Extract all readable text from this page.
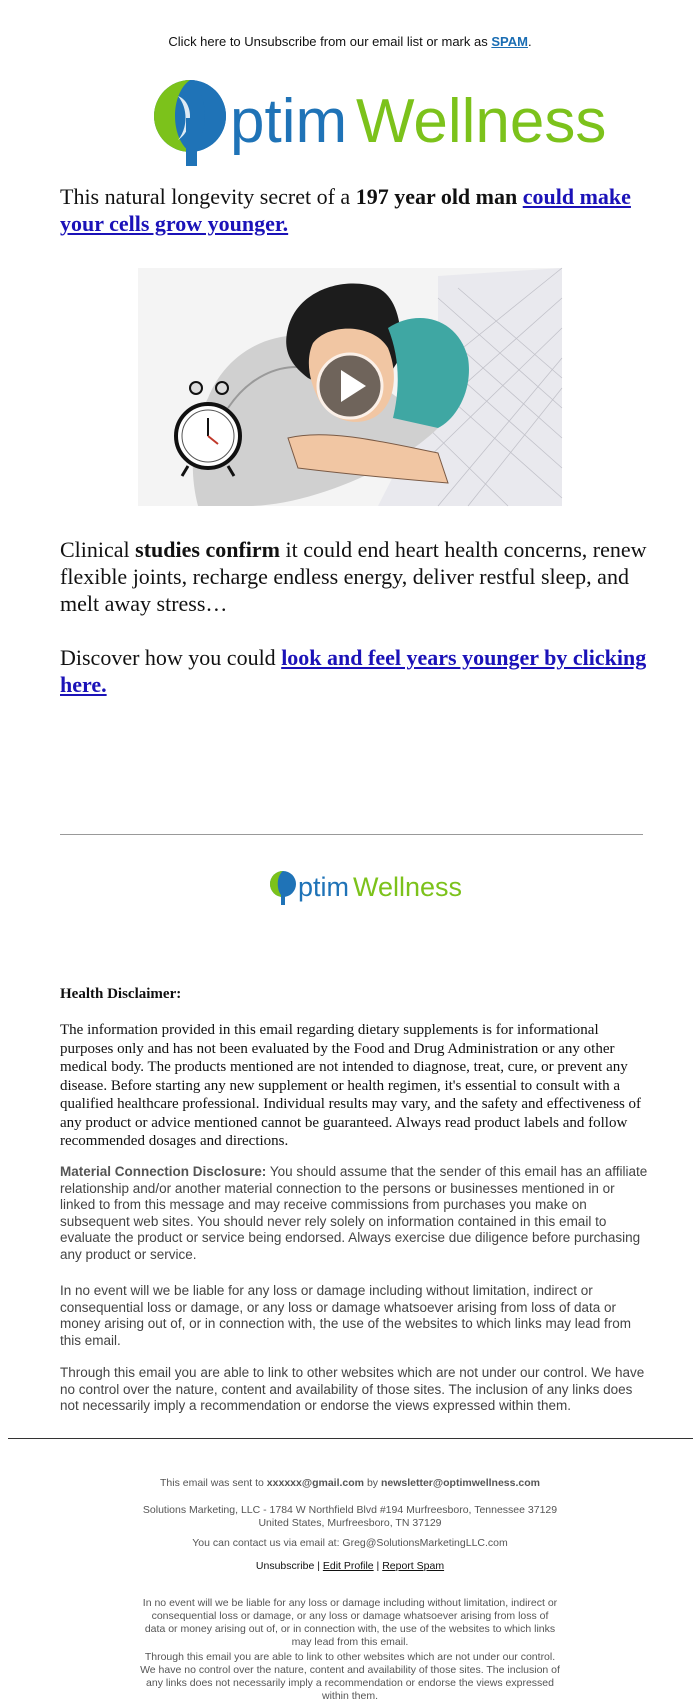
Click here to Unsubscribe from our email list or mark as SPAM.
ptim Wellness
This natural longevity secret of a 197 year old man could make your cells grow younger.
Clinical studies confirm it could end heart health concerns, renew flexible joints, recharge endless energy, deliver restful sleep, and melt away stress…
Discover how you could look and feel years younger by clicking here.
ptim Wellness
Health Disclaimer:
The information provided in this email regarding dietary supplements is for informational purposes only and has not been evaluated by the Food and Drug Administration or any other medical body. The products mentioned are not intended to diagnose, treat, cure, or prevent any disease. Before starting any new supplement or health regimen, it's essential to consult with a qualified healthcare professional. Individual results may vary, and the safety and effectiveness of any product or advice mentioned cannot be guaranteed. Always read product labels and follow recommended dosages and directions.
Material Connection Disclosure: You should assume that the sender of this email has an affiliate relationship and/or another material connection to the persons or businesses mentioned in or linked to from this message and may receive commissions from purchases you make on subsequent web sites. You should never rely solely on information contained in this email to evaluate the product or service being endorsed. Always exercise due diligence before purchasing any product or service.
In no event will we be liable for any loss or damage including without limitation, indirect or consequential loss or damage, or any loss or damage whatsoever arising from loss of data or money arising out of, or in connection with, the use of the websites to which links may lead from this email.
Through this email you are able to link to other websites which are not under our control. We have no control over the nature, content and availability of those sites. The inclusion of any links does not necessarily imply a recommendation or endorse the views expressed within them.
This email was sent to xxxxxx@gmail.com by newsletter@optimwellness.com
Solutions Marketing, LLC - 1784 W Northfield Blvd #194 Murfreesboro, Tennessee 37129 United States, Murfreesboro, TN 37129
You can contact us via email at: Greg@SolutionsMarketingLLC.com
Unsubscribe | Edit Profile | Report Spam
In no event will we be liable for any loss or damage including without limitation, indirect or consequential loss or damage, or any loss or damage whatsoever arising from loss of data or money arising out of, or in connection with, the use of the websites to which links may lead from this email.
Through this email you are able to link to other websites which are not under our control. We have no control over the nature, content and availability of those sites. The inclusion of any links does not necessarily imply a recommendation or endorse the views expressed within them.
